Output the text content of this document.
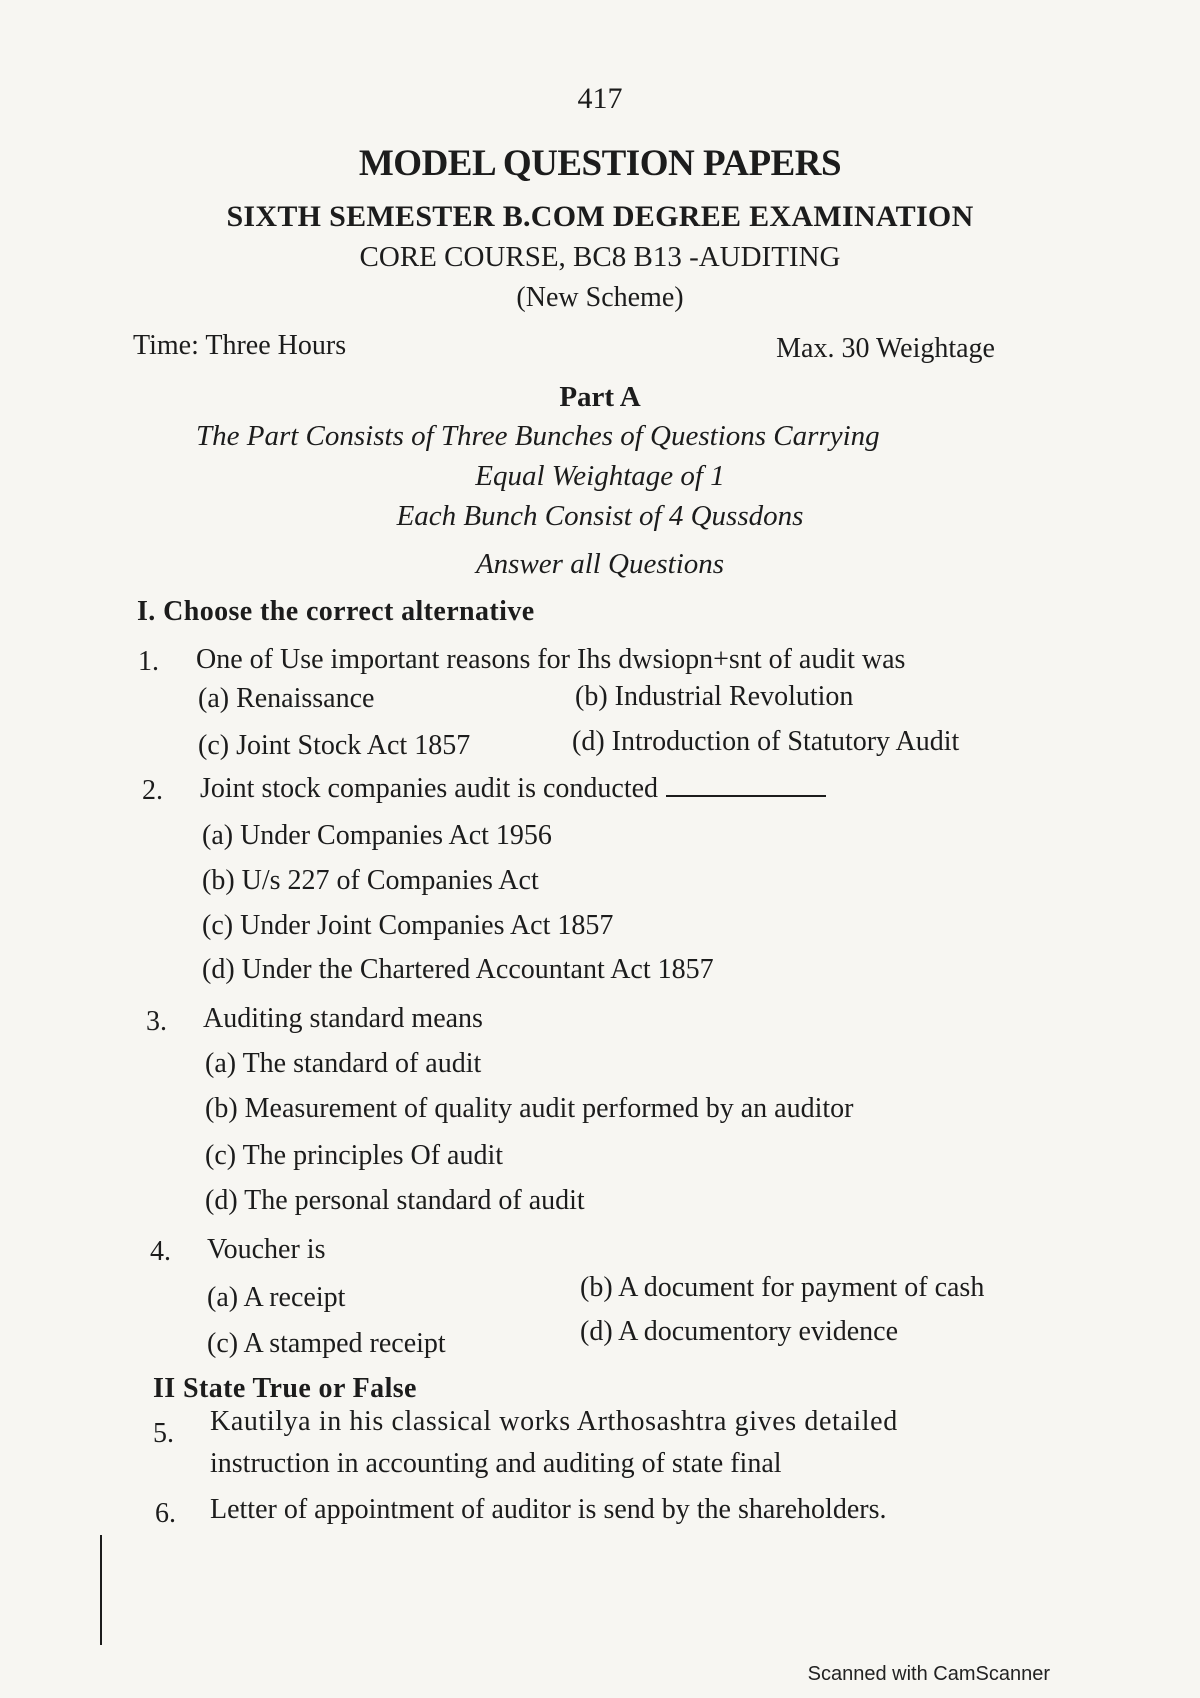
417
MODEL QUESTION PAPERS
SIXTH SEMESTER B.COM DEGREE EXAMINATION
CORE COURSE, BC8 B13 -AUDITING
(New Scheme)
Time: Three Hours	Max. 30 Weightage
Part A
The Part Consists of Three Bunches of Questions Carrying
Equal Weightage of 1
Each Bunch Consist of 4 Qussdons
Answer all Questions
I. Choose the correct alternative
1. One of Use important reasons for Ihs dwsiopn+snt of audit was
(a) Renaissance	(b) Industrial Revolution
(c) Joint Stock Act 1857	(d) Introduction of Statutory Audit
2. Joint stock companies audit is conducted
(a) Under Companies Act 1956
(b) U/s 227 of Companies Act
(c) Under Joint Companies Act 1857
(d) Under the Chartered Accountant Act 1857
3. Auditing standard means
(a) The standard of audit
(b) Measurement of quality audit performed by an auditor
(c) The principles Of audit
(d) The personal standard of audit
4. Voucher is
(a) A receipt	(b) A document for payment of cash
(c) A stamped receipt	(d) A documentory evidence
II State True or False
5. Kautilya in his classical works Arthosashtra gives detailed
instruction in accounting and auditing of state final
6. Letter of appointment of auditor is send by the shareholders.
Scanned with CamScanner
